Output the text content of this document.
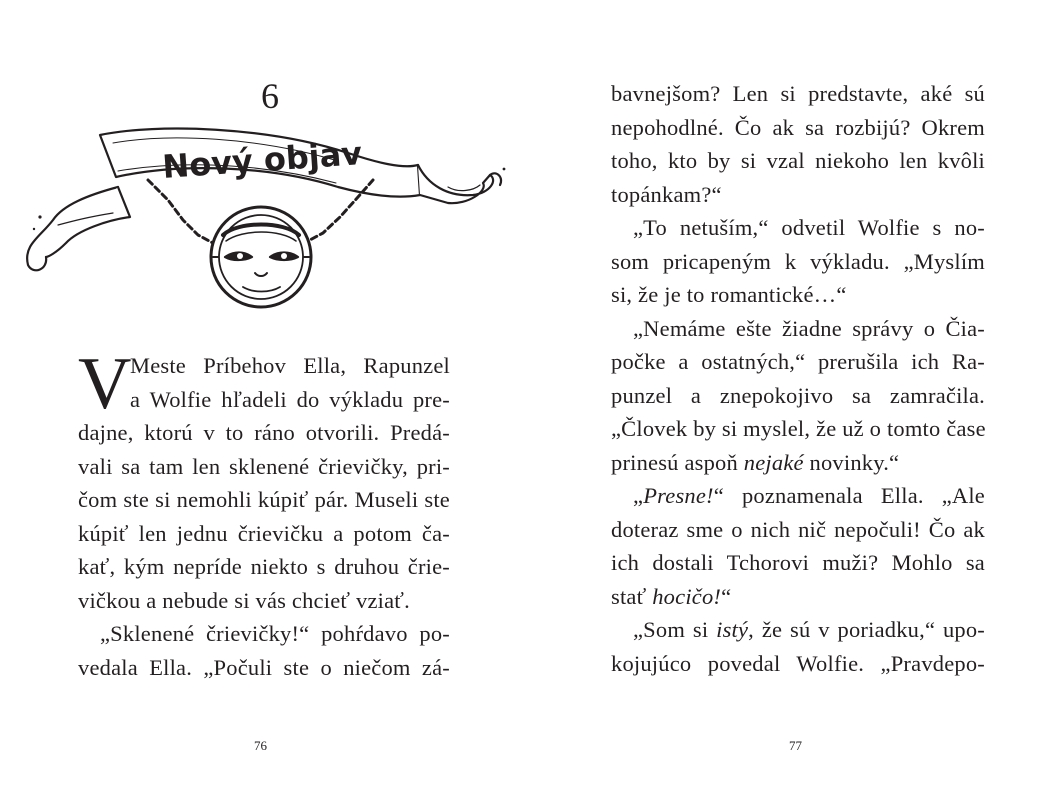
6
Nový objav
V
Meste Príbehov Ella, Rapunzel
a Wolfie hľadeli do výkladu pre-
dajne, ktorú v to ráno otvorili. Predá-
vali sa tam len sklenené črievičky, pri-
čom ste si nemohli kúpiť pár. Museli ste
kúpiť len jednu črievičku a potom ča-
kať, kým nepríde niekto s druhou črie-
vičkou a nebude si vás chcieť vziať.
„Sklenené črievičky!“ pohŕdavo po-
vedala Ella. „Počuli ste o niečom zá-
76
bavnejšom? Len si predstavte, aké sú
nepohodlné. Čo ak sa rozbijú? Okrem
toho, kto by si vzal niekoho len kvôli
topánkam?“
„To netuším,“ odvetil Wolfie s no-
som pricapeným k výkladu. „Myslím
si, že je to romantické…“
„Nemáme ešte žiadne správy o Čia-
počke a ostatných,“ prerušila ich Ra-
punzel a znepokojivo sa zamračila.
„Človek by si myslel, že už o tomto čase
prinesú aspoň nejaké novinky.“
„Presne!“ poznamenala Ella. „Ale
doteraz sme o nich nič nepočuli! Čo ak
ich dostali Tchorovi muži? Mohlo sa
stať hocičo!“
„Som si istý, že sú v poriadku,“ upo-
kojujúco povedal Wolfie. „Pravdepo-
77
